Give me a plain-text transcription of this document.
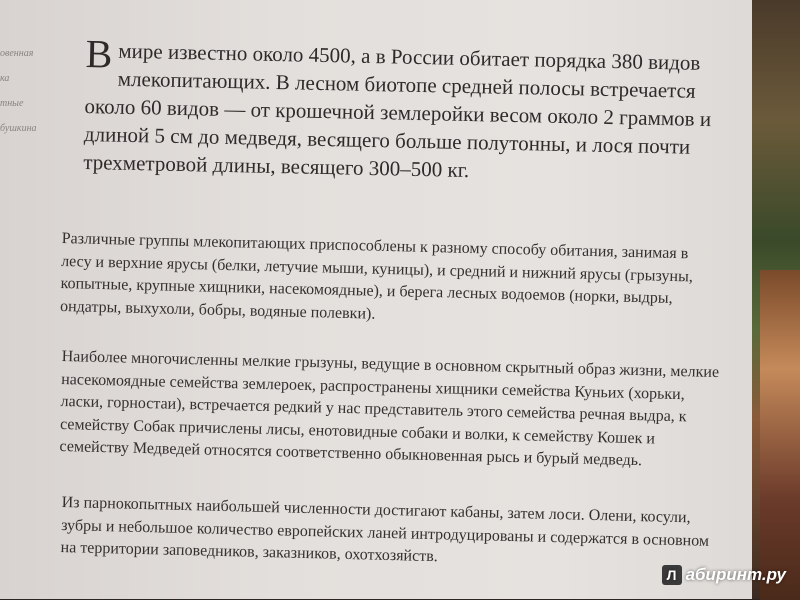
овенная

ка

тные

бушкина

В мире известно около 4500, а в России обитает порядка 380 видов млекопитающих. В лесном биотопе средней полосы встречается около 60 видов — от крошечной землеройки весом около 2 граммов и длиной 5 см до медведя, весящего больше полутонны, и лося почти трехметровой длины, весящего 300–500 кг.

Различные группы млекопитающих приспособлены к разному способу обитания, занимая в лесу и верхние ярусы (белки, летучие мыши, куницы), и средний и нижний ярусы (грызуны, копытные, крупные хищники, насекомоядные), и берега лесных водоемов (норки, выдры, ондатры, выхухоли, бобры, водяные полевки).

Наиболее многочисленны мелкие грызуны, ведущие в основном скрытный образ жизни, мелкие насекомоядные семейства землероек, распространены хищники семейства Куньих (хорьки, ласки, горностаи), встречается редкий у нас представитель этого семейства речная выдра, к семейству Собак причислены лисы, енотовидные собаки и волки, к семейству Кошек и семейству Медведей относятся соответственно обыкновенная рысь и бурый медведь.

Из парнокопытных наибольшей численности достигают кабаны, затем лоси. Олени, косули, зубры и небольшое количество европейских ланей интродуцированы и содержатся в основном на территории заповедников, заказников, охотхозяйств.

Л абиринт.ру
